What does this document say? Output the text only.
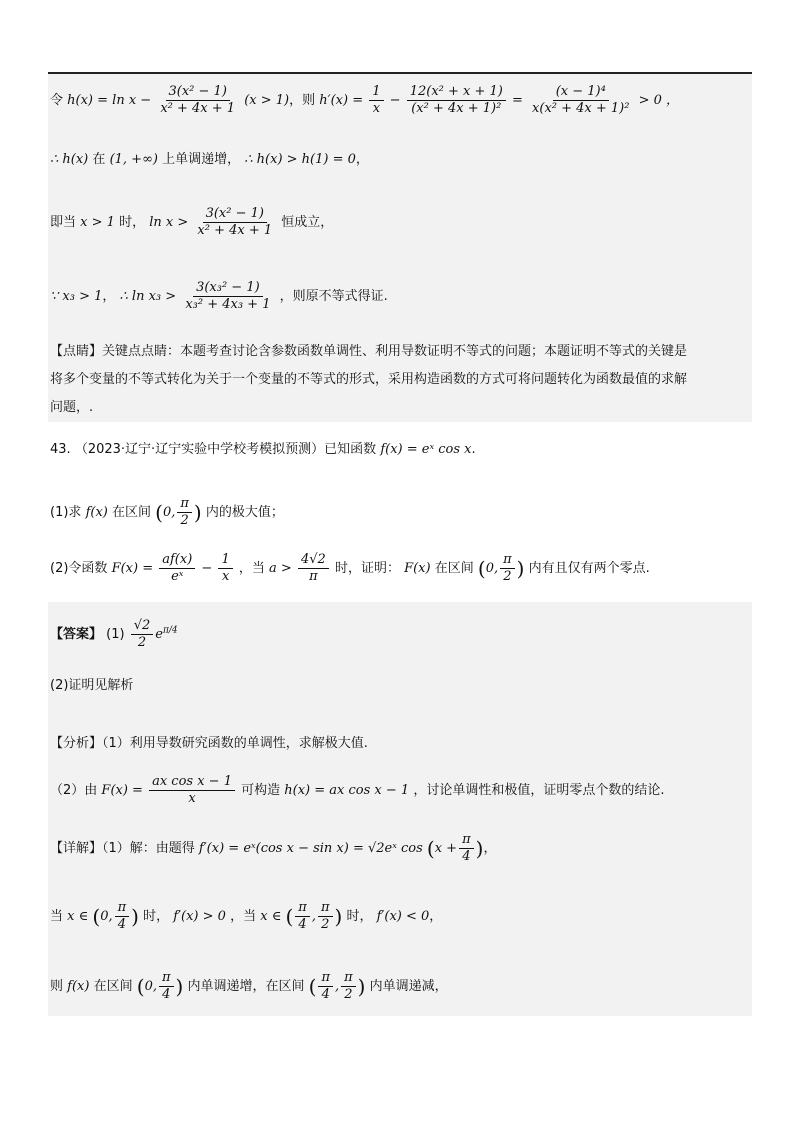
令 $h(x) = \ln x - \frac{\text{3(x² − 1)}}{\text{x² + 4x + 1}} (x > 1)$，则 $h'(x) = \frac{1}{x} - \frac{\text{12(x² + x + 1)}}{\text{(x² + 4x + 1)²}} = \frac{\text{(x − 1)⁴}}{\text{x(x² + 4x + 1)²}} > 0$ ，
∴ h(x) 在 (1, +∞) 上单调递增， ∴ h(x) > h(1) = 0，
即当 x > 1 时， $\ln x > \frac{\text{3(x² − 1)}}{\text{x² + 4x + 1}}$ 恒成立，
∵ x₃ > 1， ∴ $\ln x_3 > \frac{\text{3(x₃² − 1)}}{\text{x₃² + 4x₃ + 1}}$ ，则原不等式得证.
【点睛】关键点点睛：本题考查讨论含参数函数单调性、利用导数证明不等式的问题；本题证明不等式的关键是
将多个变量的不等式转化为关于一个变量的不等式的形式，采用构造函数的方式可将问题转化为函数最值的求解
问题，.
43. （2023·辽宁·辽宁实验中学校考模拟预测）已知函数 f(x) = eˣ cos x.
(1)求 f(x) 在区间 (0, $\frac{\pi}{2}$ ) 内的极大值；
(2)令函数 $F(x) = \frac{af(x)}{\text{eˣ}} - \frac{1}{x}$ ，当 $a > \frac{4√2}{\pi}$ 时，证明： F(x) 在区间 (0, $\frac{\pi}{2}$ ) 内有且仅有两个零点.
【答案】 $(1) \frac{√2}{2} e^{\pi/4}$
(2)证明见解析
【分析】（1）利用导数研究函数的单调性，求解极大值.
（2）由 $F(x) = \frac{\text{ax cos x − 1}}{x}$ 可构造 h(x) = ax cos x − 1 ，讨论单调性和极值，证明零点个数的结论.
【详解】（1）解：由题得 f′(x) = eˣ(cos x − sin x) = √2eˣ $\cos (x + \frac{\pi}{4}$ )，
当 x ∈ (0, $\frac{\pi}{4}$ ) 时， f′(x) > 0 ，当 x ∈ ( $\frac{\pi}{4}$ , $\frac{\pi}{2}$ ) 时， f′(x) < 0，
则 f(x) 在区间 (0, $\frac{\pi}{4}$ ) 内单调递增，在区间 ( $\frac{\pi}{4}$ , $\frac{\pi}{2}$ ) 内单调递减，
